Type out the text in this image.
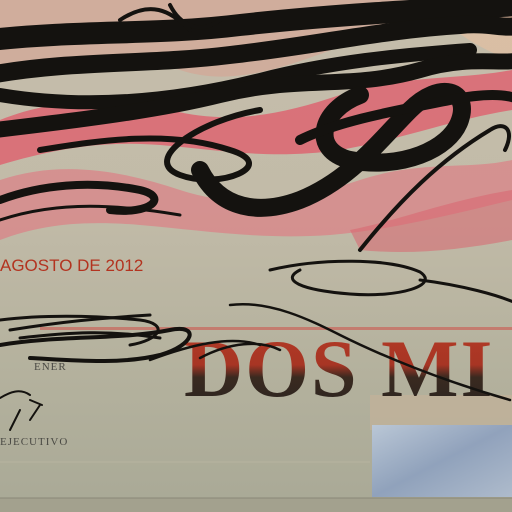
AGOSTO DE 2012
DOS MI
ENER
EJECUTIVO
